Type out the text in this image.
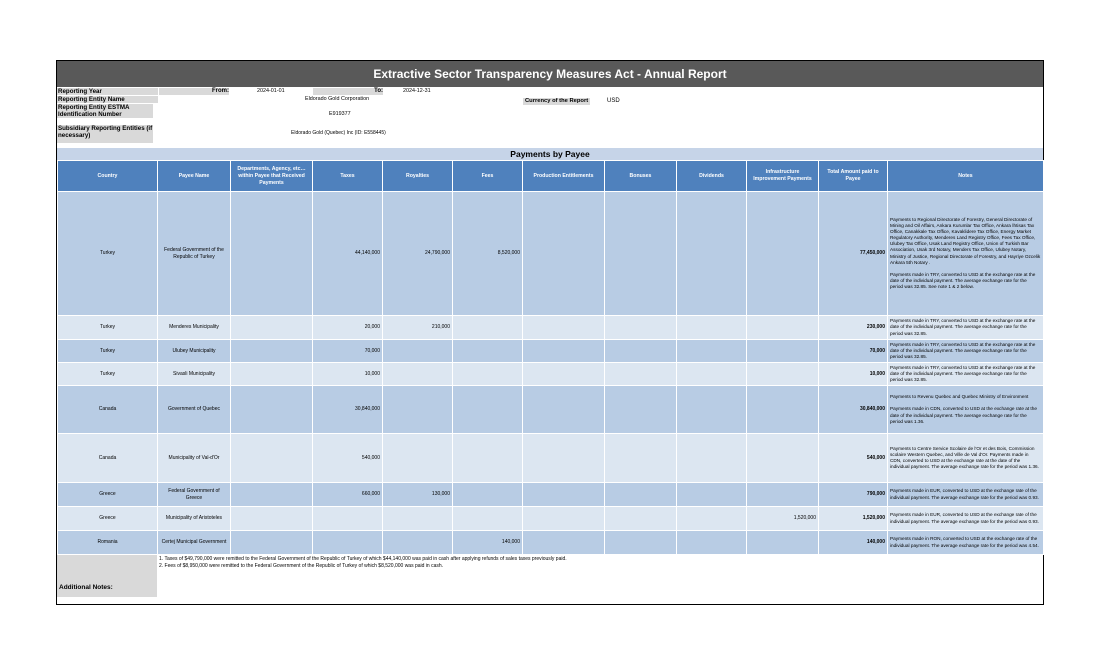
Extractive Sector Transparency Measures Act - Annual Report
Reporting Year	From:	2024-01-01	To:	2024-12-31
Reporting Entity Name	Eldorado Gold Corporation	Currency of the Report	USD
Reporting Entity ESTMA Identification Number	E919377
Subsidiary Reporting Entities (if necessary)	Eldorado Gold (Quebec) Inc (ID: E558445)
Payments by Payee
Country	Payee Name	Departments, Agency, etc… within Payee that Received Payments	Taxes	Royalties	Fees	Production Entitlements	Bonuses	Dividends	Infrastructure Improvement Payments	Total Amount paid to Payee	Notes
Turkey	Federal Government of the Republic of Turkey		44,140,000	24,790,000	8,520,000					77,450,000	Payments to Regional Directorate of Forestry, General Directorate of Mining and Oil Affairs, Ankara Kurumlar Tax Office, Ankara İhtisas Tax Office, Canakkale Tax Office, Kavaklidere Tax Office, Energy Market Regulatory Authority, Menderes Land Registry Office, Fees Tax Office, Ulubey Tax Office, Usak Land Registry Office, Union of Turkish Bar Association, Usak 3rd Notary, Menders Tax Office, Ulubey Notary, Ministry of Justice, Regional Directorate of Forestry, and Hayriye Ozcelik Ankara 5th Notary .
Payments made in TRY, converted to USD at the exchange rate at the date of the individual payment. The average exchange rate for the period was 32.85. See note 1 & 2 below.

Turkey	Menderes Municipality		20,000	210,000						230,000	Payments made in TRY, converted to USD at the exchange rate at the date of the individual payment. The average exchange rate for the period was 32.85.
Turkey	Ulubey Municipality		70,000							70,000	Payments made in TRY, converted to USD at the exchange rate at the date of the individual payment. The average exchange rate for the period was 32.85.
Turkey	Sivasli Municipality		10,000							10,000	Payments made in TRY, converted to USD at the exchange rate at the date of the individual payment. The average exchange rate for the period was 32.85.
Canada	Government of Quebec		30,840,000							30,840,000	Payments to Revenu Quebec and Quebec Ministry of Environment
Payments made in CDN, converted to USD at the exchange rate at the date of the individual payment. The average exchange rate for the period was 1.36.

Canada	Municipality of Val-d'Or		540,000							540,000	Payments to Centre Service Scolaire de l'Or et des Bois, Commission scolaire Western Quebec, and Ville de Val d'Or. Payments made in CDN, converted to USD at the exchange rate at the date of the individual payment. The average exchange rate for the period was 1.36.
Greece	Federal Government of Greece		660,000	130,000						790,000	Payments made in EUR, converted to USD at the exchange rate of the individual payment. The average exchange rate for the period was 0.93.
Greece	Municipality of Aristoteles								1,520,000	1,520,000	Payments made in EUR, converted to USD at the exchange rate of the individual payment. The average exchange rate for the period was 0.93.
Romania	Certej Municipal Government				140,000					140,000	Payments made in RON, converted to USD at the exchange rate of the individual payment. The average exchange rate for the period was 4.54.
Additional Notes:
1. Taxes of $49,790,000 were remitted to the Federal Government of the Republic of Turkey of which $44,140,000 was paid in cash after applying refunds of sales taxes previously paid.
2. Fees of $8,950,000 were remitted to the Federal Government of the Republic of Turkey of which $8,520,000 was paid in cash.
